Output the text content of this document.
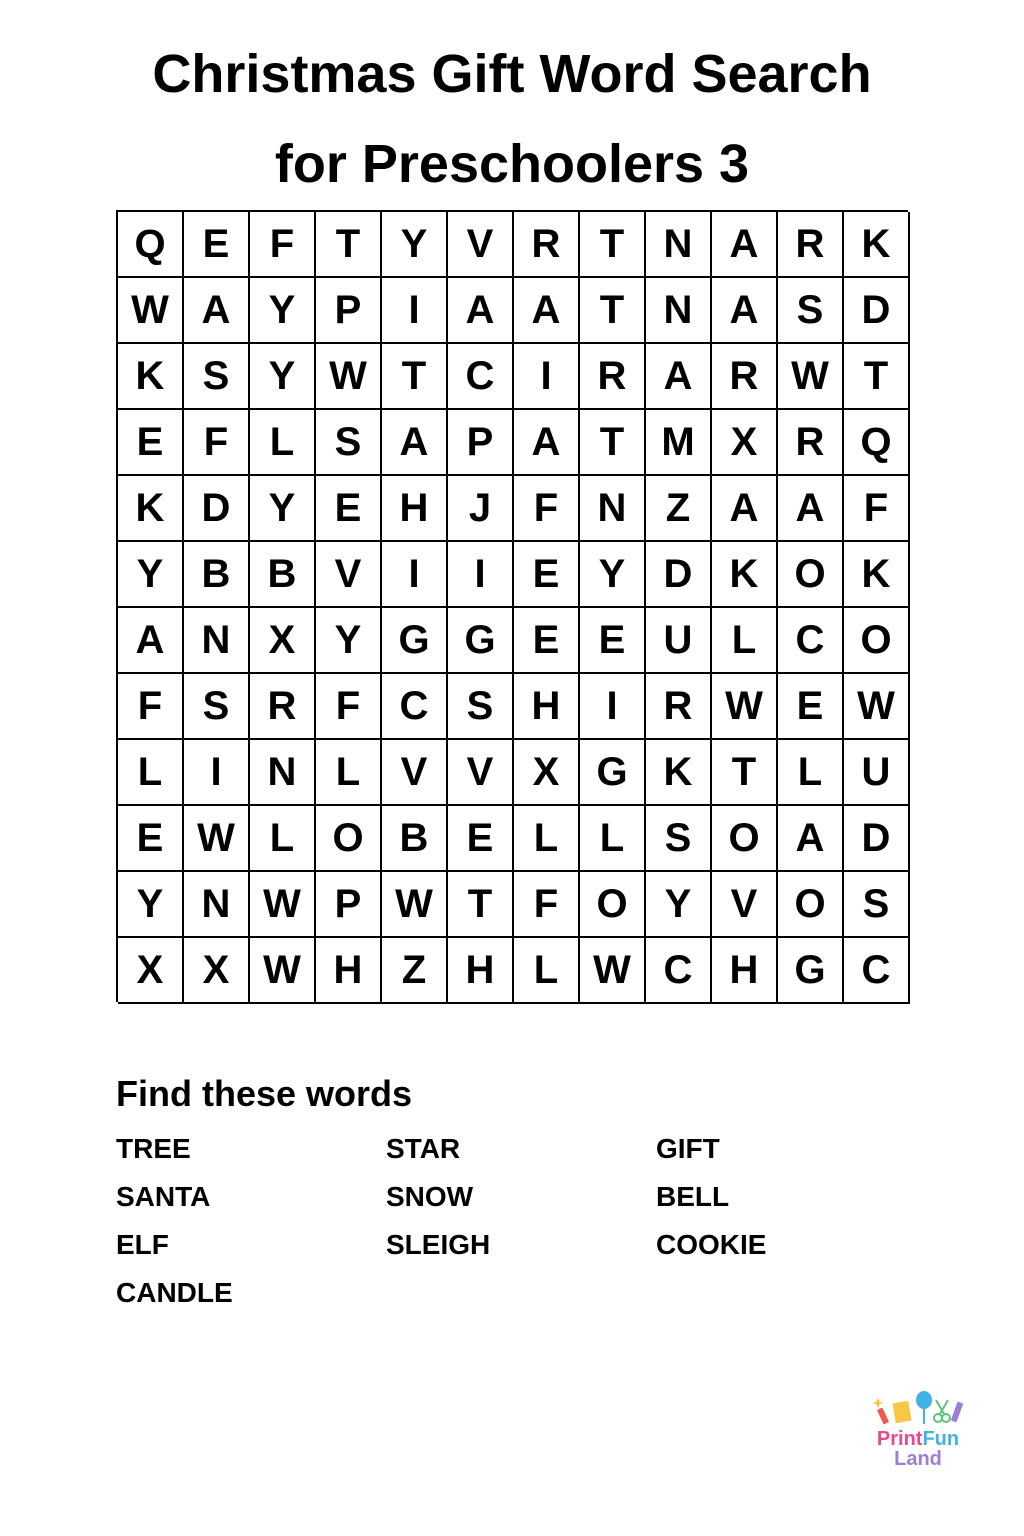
Christmas Gift Word Search
for Preschoolers 3
Q E	F	T	Y V R T N A R K
W A Y P	I	A A T N A S D
K S Y W T C	I	R A R W T
E	F	L	S A P A T M X R Q
K D Y E H	J	F N Z A A F
Y B B V	I	I	E Y D K O K
A N X Y G G E E U L C O
F	S R F C S H	I	R W E W
L	I	N L	V V X G K T	L U
E W L O B E	L	L	S O A D
Y N W P W T	F O Y V O S
X X W H Z H L W C H G C
Find these words
TREE	STAR	GIFT
SANTA	SNOW	BELL
ELF	SLEIGH	COOKIE
CANDLE
PrintFun
Land
